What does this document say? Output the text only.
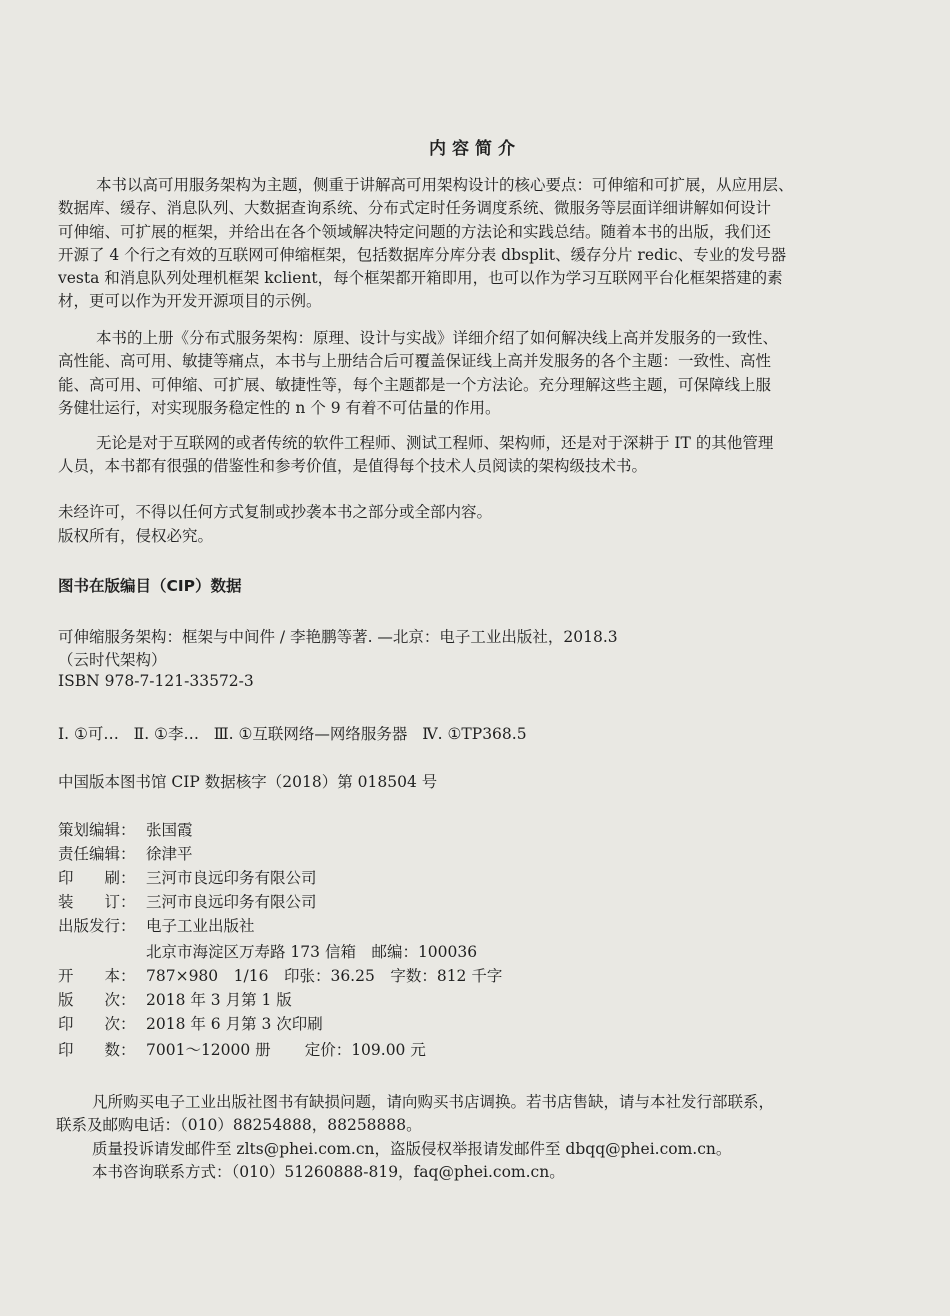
内容简介
本书以高可用服务架构为主题，侧重于讲解高可用架构设计的核心要点：可伸缩和可扩展，从应用层、
数据库、缓存、消息队列、大数据查询系统、分布式定时任务调度系统、微服务等层面详细讲解如何设计
可伸缩、可扩展的框架，并给出在各个领域解决特定问题的方法论和实践总结。随着本书的出版，我们还
开源了 4 个行之有效的互联网可伸缩框架，包括数据库分库分表 dbsplit、缓存分片 redic、专业的发号器
vesta 和消息队列处理机框架 kclient，每个框架都开箱即用，也可以作为学习互联网平台化框架搭建的素
材，更可以作为开发开源项目的示例。
本书的上册《分布式服务架构：原理、设计与实战》详细介绍了如何解决线上高并发服务的一致性、
高性能、高可用、敏捷等痛点，本书与上册结合后可覆盖保证线上高并发服务的各个主题：一致性、高性
能、高可用、可伸缩、可扩展、敏捷性等，每个主题都是一个方法论。充分理解这些主题，可保障线上服
务健壮运行，对实现服务稳定性的 n 个 9 有着不可估量的作用。
无论是对于互联网的或者传统的软件工程师、测试工程师、架构师，还是对于深耕于 IT 的其他管理
人员，本书都有很强的借鉴性和参考价值，是值得每个技术人员阅读的架构级技术书。
未经许可，不得以任何方式复制或抄袭本书之部分或全部内容。
版权所有，侵权必究。
图书在版编目（CIP）数据
可伸缩服务架构：框架与中间件 / 李艳鹏等著. —北京：电子工业出版社，2018.3
（云时代架构）
ISBN 978-7-121-33572-3
Ⅰ. ①可…   Ⅱ. ①李…   Ⅲ. ①互联网络—网络服务器   Ⅳ. ①TP368.5
中国版本图书馆 CIP 数据核字（2018）第 018504 号
策划编辑： 张国霞
责任编辑： 徐津平
印　　刷： 三河市良远印务有限公司
装　　订： 三河市良远印务有限公司
出版发行： 电子工业出版社
北京市海淀区万寿路 173 信箱　邮编：100036
开　　本： 787×980　1/16　印张：36.25　字数：812 千字
版　　次： 2018 年 3 月第 1 版
印　　次： 2018 年 6 月第 3 次印刷
印　　数： 7001～12000 册 定价：109.00 元
凡所购买电子工业出版社图书有缺损问题，请向购买书店调换。若书店售缺，请与本社发行部联系，
联系及邮购电话：（010）88254888，88258888。
质量投诉请发邮件至 zlts@phei.com.cn，盗版侵权举报请发邮件至 dbqq@phei.com.cn。
本书咨询联系方式：（010）51260888-819，faq@phei.com.cn。
